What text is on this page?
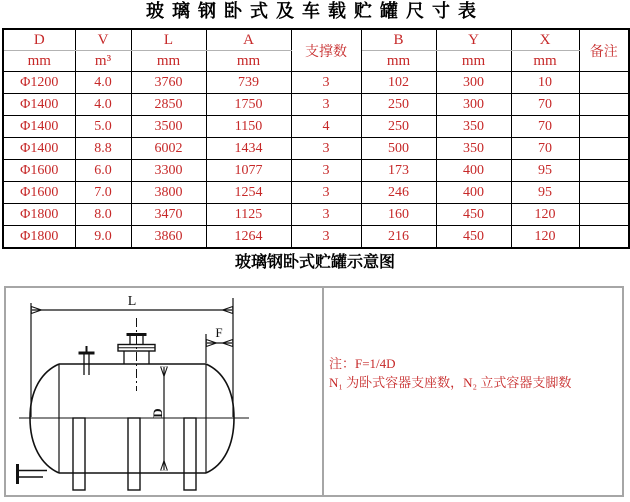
玻璃钢卧式及车载贮罐尺寸表
D	V	L	A	支撑数	B	Y	X	备注
mm	m³	mm	mm		mm	mm	mm	
Φ1200	4.0	3760	739	3	102	300	10	
Φ1400	4.0	2850	1750	3	250	300	70	
Φ1400	5.0	3500	1150	4	250	350	70	
Φ1400	8.8	6002	1434	3	500	350	70	
Φ1600	6.0	3300	1077	3	173	400	95	
Φ1600	7.0	3800	1254	3	246	400	95	
Φ1800	8.0	3470	1125	3	160	450	120	
Φ1800	9.0	3860	1264	3	216	450	120	
玻璃钢卧式贮罐示意图
L
F
D
注：F=1/4D
N₁ 为卧式容器支座数，N₂ 立式容器支脚数
